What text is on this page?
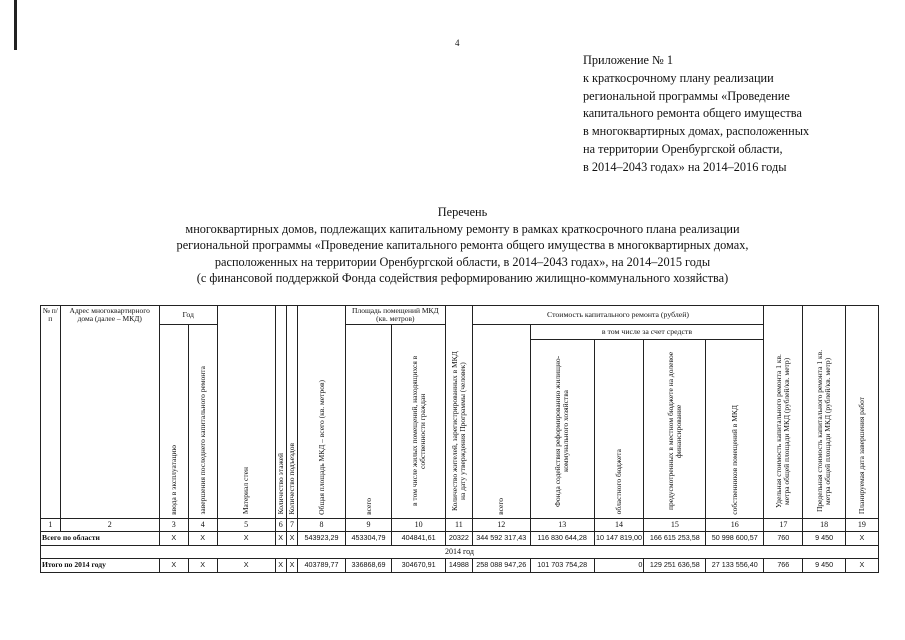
4
Приложение № 1
к краткосрочному плану реализации
региональной программы «Проведение
капитального ремонта общего имущества
в многоквартирных домах, расположенных
на территории Оренбургской области,
в 2014–2043 годах» на 2014–2016 годы
Перечень
многоквартирных домов, подлежащих капитальному ремонту в рамках краткосрочного плана реализации
региональной программы «Проведение капитального ремонта общего имущества в многоквартирных домах,
расположенных на территории Оренбургской области, в 2014–2043 годах», на 2014–2015 годы
(с финансовой поддержкой Фонда содействия реформированию жилищно-коммунального хозяйства)
№ п/п	Адрес многоквартирного дома (далее – МКД)	Год		Материал стен	Количество этажей	Количество подъездов	Общая площадь МКД – всего (кв. метров)	Площадь помещений МКД (кв. метров)		Количество жителей, зарегистрированных в МКД на дату утверждения Программы (человек)	Стоимость капитального ремонта (рублей)					Удельная стоимость капитального ремонта 1 кв. метра общей площади МКД (рублей/кв. метр)	Предельная стоимость капитального ремонта 1 кв. метра общей площади МКД (рублей/кв. метр)	Планируемая дата завершения работ
		ввода в эксплуатацию	завершения последнего капитального ремонта					всего	в том числе жилых помещений, находящихся в собственности граждан		всего	в том числе за счет средств						
												Фонда содействия реформированию жилищно-коммунального хозяйства	областного бюджета	предусмотренных в местном бюджете на долевое финансирование	собственников помещений в МКД			
1	2	3	4	5	6	7	8	9	10	11	12	13	14	15	16	17	18	19
Всего по области		X	X	X	X	X	543923,29	453304,79	404841,61	20322	344 592 317,43	116 830 644,28	10 147 819,00	166 615 253,58	50 998 600,57	760	9 450	X
2014 год																		
Итого по 2014 году		X	X	X	X	X	403789,77	336868,69	304670,91	14988	258 088 947,26	101 703 754,28	0	129 251 636,58	27 133 556,40	766	9 450	X
